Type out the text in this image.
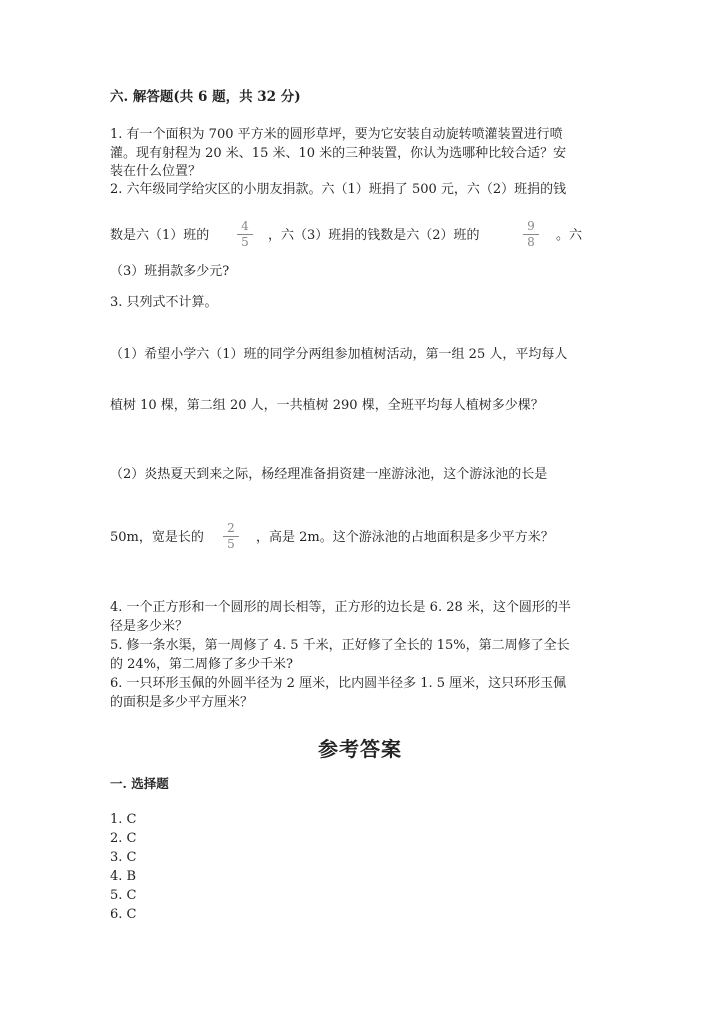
六. 解答题(共 6 题，共 32 分)
1. 有一个面积为 700 平方米的圆形草坪，要为它安装自动旋转喷灌装置进行喷
灌。现有射程为 20 米、15 米、10 米的三种装置，你认为选哪种比较合适？安
装在什么位置？
2. 六年级同学给灾区的小朋友捐款。六（1）班捐了 500 元，六（2）班捐的钱
数是六（1）班的
4
5	，六（3）班捐的钱数是六（2）班的
9
8	。六
（3）班捐款多少元?
3. 只列式不计算。
（1）希望小学六（1）班的同学分两组参加植树活动，第一组 25 人，平均每人
植树 10 棵，第二组 20 人，一共植树 290 棵，全班平均每人植树多少棵？
（2）炎热夏天到来之际，杨经理准备捐资建一座游泳池，这个游泳池的长是
50m，宽是长的
2
5	，高是 2m。这个游泳池的占地面积是多少平方米？
4. 一个正方形和一个圆形的周长相等，正方形的边长是 6. 28 米，这个圆形的半
径是多少米？
5. 修一条水渠，第一周修了 4. 5 千米，正好修了全长的 15%，第二周修了全长
的 24%，第二周修了多少千米?
6. 一只环形玉佩的外圆半径为 2 厘米，比内圆半径多 1. 5 厘米，这只环形玉佩
的面积是多少平方厘米？
参考答案
一. 选择题
1. C
2. C
3. C
4. B
5. C
6. C
